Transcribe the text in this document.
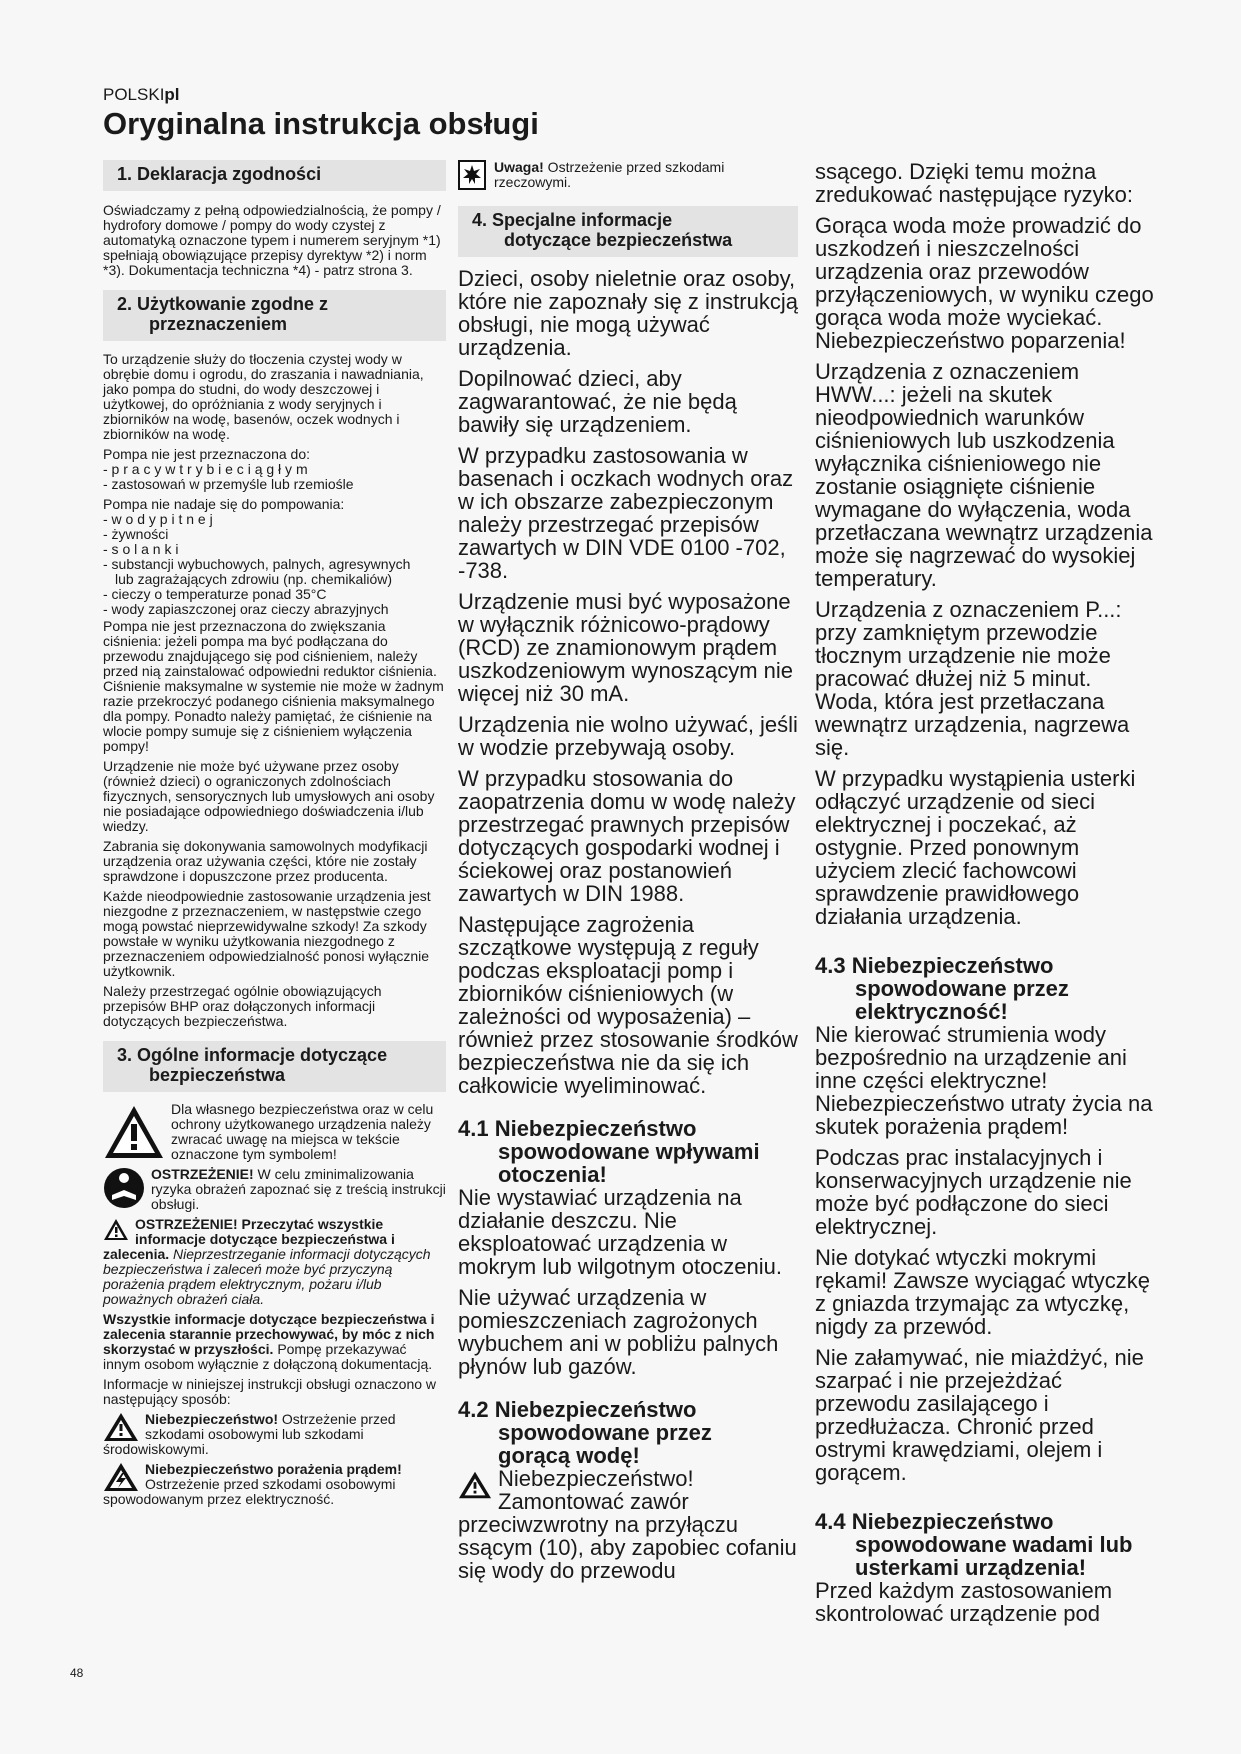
POLSKIpl
Oryginalna instrukcja obsługi
1. Deklaracja zgodności

Oświadczamy z pełną odpowiedzialnością, że pompy / hydrofory domowe / pompy do wody czystej z automatyką oznaczone typem i numerem seryjnym *1) spełniają obowiązujące przepisy dyrektyw *2) i norm *3). Dokumentacja techniczna *4) - patrz strona 3.

2. Użytkowanie zgodne z
przeznaczeniem

To urządzenie służy do tłoczenia czystej wody w obrębie domu i ogrodu, do zraszania i nawadniania, jako pompa do studni, do wody deszczowej i użytkowej, do opróżniania z wody seryjnych i zbiorników na wodę, basenów, oczek wodnych i zbiorników na wodę.

Pompa nie jest przeznaczona do:

- p r a c y w t r y b i e c i ą g ł y m
- zastosowań w przemyśle lub rzemiośle

Pompa nie nadaje się do pompowania:

- w o d y p i t n e j
- żywności
- s o l a n k i
- substancji wybuchowych, palnych, agresywnych
lub zagrażających zdrowiu (np. chemikaliów)
- cieczy o temperaturze ponad 35°C
- wody zapiaszczonej oraz cieczy abrazyjnych

Pompa nie jest przeznaczona do zwiększania ciśnienia: jeżeli pompa ma być podłączana do przewodu znajdującego się pod ciśnieniem, należy przed nią zainstalować odpowiedni reduktor ciśnienia. Ciśnienie maksymalne w systemie nie może w żadnym razie przekroczyć podanego ciśnienia maksymalnego dla pompy. Ponadto należy pamiętać, że ciśnienie na wlocie pompy sumuje się z ciśnieniem wyłączenia pompy!

Urządzenie nie może być używane przez osoby (również dzieci) o ograniczonych zdolnościach fizycznych, sensorycznych lub umysłowych ani osoby nie posiadające odpowiedniego doświadczenia i/lub wiedzy.

Zabrania się dokonywania samowolnych modyfikacji urządzenia oraz używania części, które nie zostały sprawdzone i dopuszczone przez producenta.

Każde nieodpowiednie zastosowanie urządzenia jest niezgodne z przeznaczeniem, w następstwie czego mogą powstać nieprzewidywalne szkody! Za szkody powstałe w wyniku użytkowania niezgodnego z przeznaczeniem odpowiedzialność ponosi wyłącznie użytkownik.

Należy przestrzegać ogólnie obowiązujących przepisów BHP oraz dołączonych informacji dotyczących bezpieczeństwa.

3. Ogólne informacje dotyczące
bezpieczeństwa

Dla własnego bezpieczeństwa oraz w celu ochrony użytkowanego urządzenia należy zwracać uwagę na miejsca w tekście oznaczone tym symbolem!

OSTRZEŻENIE! W celu zminimalizowania ryzyka obrażeń zapoznać się z treścią instrukcji obsługi.

OSTRZEŻENIE! Przeczytać wszystkie informacje dotyczące bezpieczeństwa i zalecenia. Nieprzestrzeganie informacji dotyczących bezpieczeństwa i zaleceń może być przyczyną porażenia prądem elektrycznym, pożaru i/lub poważnych obrażeń ciała.

Wszystkie informacje dotyczące bezpieczeństwa i zalecenia starannie przechowywać, by móc z nich skorzystać w przyszłości. Pompę przekazywać innym osobom wyłącznie z dołączoną dokumentacją.

Informacje w niniejszej instrukcji obsługi oznaczono w następujący sposób:

Niebezpieczeństwo! Ostrzeżenie przed szkodami osobowymi lub szkodami środowiskowymi.

Niebezpieczeństwo porażenia prądem! Ostrzeżenie przed szkodami osobowymi spowodowanym przez elektryczność.

Uwaga! Ostrzeżenie przed szkodami rzeczowymi.

4. Specjalne informacje
dotyczące bezpieczeństwa

Dzieci, osoby nieletnie oraz osoby, które nie zapoznały się z instrukcją obsługi, nie mogą używać urządzenia.

Dopilnować dzieci, aby zagwarantować, że nie będą bawiły się urządzeniem.

W przypadku zastosowania w basenach i oczkach wodnych oraz w ich obszarze zabezpieczonym należy przestrzegać przepisów zawartych w DIN VDE 0100 -702, -738.

Urządzenie musi być wyposażone w wyłącznik różnicowo-prądowy (RCD) ze znamionowym prądem uszkodzeniowym wynoszącym nie więcej niż 30 mA.

Urządzenia nie wolno używać, jeśli w wodzie przebywają osoby.

W przypadku stosowania do zaopatrzenia domu w wodę należy przestrzegać prawnych przepisów dotyczących gospodarki wodnej i ściekowej oraz postanowień zawartych w DIN 1988.

Następujące zagrożenia szczątkowe występują z reguły podczas eksploatacji pomp i zbiorników ciśnieniowych (w zależności od wyposażenia) – również przez stosowanie środków bezpieczeństwa nie da się ich całkowicie wyeliminować.

4.1 Niebezpieczeństwo
spowodowane wpływami
otoczenia!

Nie wystawiać urządzenia na działanie deszczu. Nie eksploatować urządzenia w mokrym lub wilgotnym otoczeniu.

Nie używać urządzenia w pomieszczeniach zagrożonych wybuchem ani w pobliżu palnych płynów lub gazów.

4.2 Niebezpieczeństwo
spowodowane przez
gorącą wodę!

Niebezpieczeństwo!
Zamontować zawór przeciwzwrotny na przyłączu ssącym (10), aby zapobiec cofaniu się wody do przewodu

ssącego. Dzięki temu można zredukować następujące ryzyko:

Gorąca woda może prowadzić do uszkodzeń i nieszczelności urządzenia oraz przewodów przyłączeniowych, w wyniku czego gorąca woda może wyciekać. Niebezpieczeństwo poparzenia!

Urządzenia z oznaczeniem HWW...: jeżeli na skutek nieodpowiednich warunków ciśnieniowych lub uszkodzenia wyłącznika ciśnieniowego nie zostanie osiągnięte ciśnienie wymagane do wyłączenia, woda przetłaczana wewnątrz urządzenia może się nagrzewać do wysokiej temperatury.

Urządzenia z oznaczeniem P...: przy zamkniętym przewodzie tłocznym urządzenie nie może pracować dłużej niż 5 minut. Woda, która jest przetłaczana wewnątrz urządzenia, nagrzewa się.

W przypadku wystąpienia usterki odłączyć urządzenie od sieci elektrycznej i poczekać, aż ostygnie. Przed ponownym użyciem zlecić fachowcowi sprawdzenie prawidłowego działania urządzenia.

4.3 Niebezpieczeństwo
spowodowane przez
elektryczność!

Nie kierować strumienia wody bezpośrednio na urządzenie ani inne części elektryczne! Niebezpieczeństwo utraty życia na skutek porażenia prądem!

Podczas prac instalacyjnych i konserwacyjnych urządzenie nie może być podłączone do sieci elektrycznej.

Nie dotykać wtyczki mokrymi rękami! Zawsze wyciągać wtyczkę z gniazda trzymając za wtyczkę, nigdy za przewód.

Nie załamywać, nie miażdżyć, nie szarpać i nie przejeżdżać przewodu zasilającego i przedłużacza. Chronić przed ostrymi krawędziami, olejem i gorącem.

4.4 Niebezpieczeństwo
spowodowane wadami lub
usterkami urządzenia!

Przed każdym zastosowaniem skontrolować urządzenie pod

48
